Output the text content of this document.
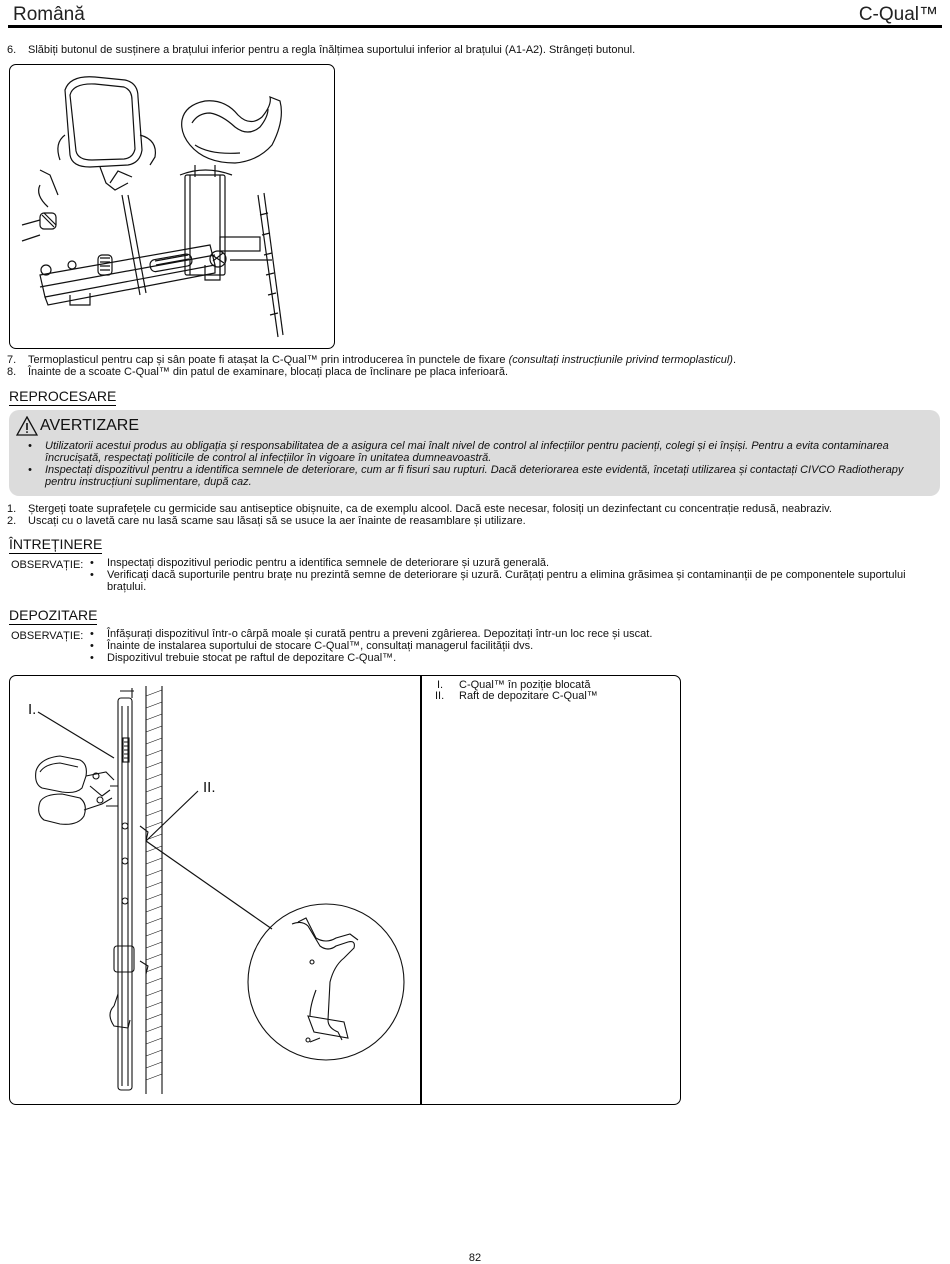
Română	C-Qual™
6.	Slăbiți butonul de susținere a brațului inferior pentru a regla înălțimea suportului inferior al brațului (A1-A2). Strângeți butonul.
7.	Termoplasticul pentru cap și sân poate fi atașat la C-Qual™ prin introducerea în punctele de fixare (consultați instrucțiunile privind termoplasticul).
8.	Înainte de a scoate C-Qual™ din patul de examinare, blocați placa de înclinare pe placa inferioară.
REPROCESARE
AVERTIZARE
•	Utilizatorii acestui produs au obligația și responsabilitatea de a asigura cel mai înalt nivel de control al infecțiilor pentru pacienți, colegi și ei înșiși. Pentru a evita contaminarea
încrucișată, respectați politicile de control al infecțiilor în vigoare în unitatea dumneavoastră.
•	Inspectați dispozitivul pentru a identifica semnele de deteriorare, cum ar fi fisuri sau rupturi. Dacă deteriorarea este evidentă, încetați utilizarea și contactați CIVCO Radiotherapy
pentru instrucțiuni suplimentare, după caz.
1.	Ștergeți toate suprafețele cu germicide sau antiseptice obișnuite, ca de exemplu alcool. Dacă este necesar, folosiți un dezinfectant cu concentrație redusă, neabraziv.
2.	Uscați cu o lavetă care nu lasă scame sau lăsați să se usuce la aer înainte de reasamblare și utilizare.
ÎNTREȚINERE
OBSERVAȚIE: •	Inspectați dispozitivul periodic pentru a identifica semnele de deteriorare și uzură generală.
•	Verificați dacă suporturile pentru brațe nu prezintă semne de deteriorare și uzură. Curățați pentru a elimina grăsimea și contaminanții de pe componentele suportului
brațului.
DEPOZITARE
OBSERVAȚIE: •	Înfășurați dispozitivul într-o cârpă moale și curată pentru a preveni zgârierea. Depozitați într-un loc rece și uscat.
•	Înainte de instalarea suportului de stocare C-Qual™, consultați managerul facilității dvs.
•	Dispozitivul trebuie stocat pe raftul de depozitare C-Qual™.
I.
II.
I. C-Qual™ în poziție blocată
II. Raft de depozitare C-Qual™
82
